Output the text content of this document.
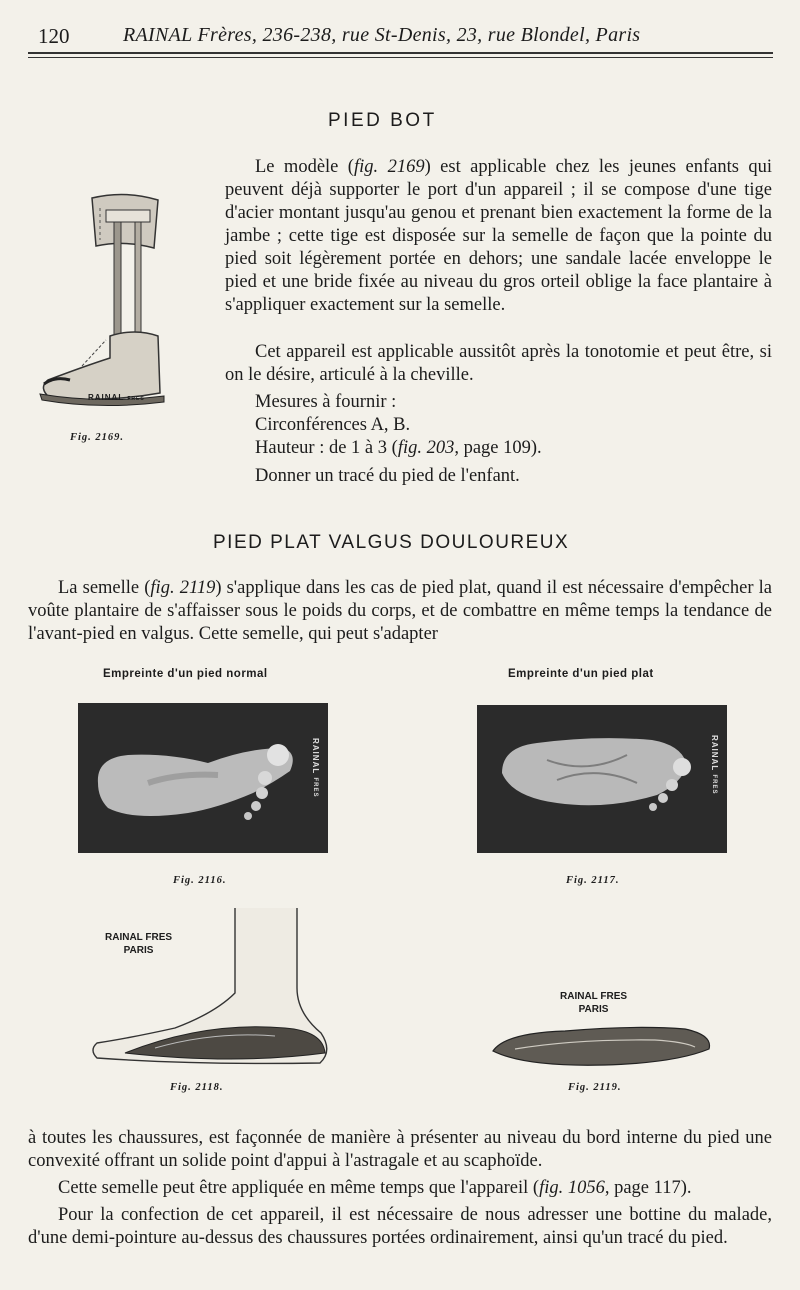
120	RAINAL Frères, 236-238, rue St-Denis, 23, rue Blondel, Paris
PIED BOT
RAINAL FRES
Fig. 2169.
Le modèle (fig. 2169) est applicable chez les jeunes enfants qui peuvent déjà supporter le port d'un appareil ; il se compose d'une tige d'acier montant jusqu'au genou et prenant bien exactement la forme de la jambe ; cette tige est disposée sur la semelle de façon que la pointe du pied soit légèrement portée en dehors; une sandale lacée enveloppe le pied et une bride fixée au niveau du gros orteil oblige la face plantaire à s'appliquer exactement sur la semelle.
Cet appareil est applicable aussitôt après la tonotomie et peut être, si on le désire, articulé à la cheville.
Mesures à fournir :
Circonférences A, B.
Hauteur : de 1 à 3 (fig. 203, page 109).
Donner un tracé du pied de l'enfant.
PIED PLAT VALGUS DOULOUREUX
La semelle (fig. 2119) s'applique dans les cas de pied plat, quand il est nécessaire d'empêcher la voûte plantaire de s'affaisser sous le poids du corps, et de combattre en même temps la tendance de l'avant-pied en valgus. Cette semelle, qui peut s'adapter
Empreinte d'un pied normal	Empreinte d'un pied plat
RAINAL FRES
Fig. 2116.
RAINAL FRES
Fig. 2117.
RAINAL FRES
PARIS
Fig. 2118.
RAINAL FRES
PARIS
Fig. 2119.
à toutes les chaussures, est façonnée de manière à présenter au niveau du bord interne du pied une convexité offrant un solide point d'appui à l'astragale et au scaphoïde.
Cette semelle peut être appliquée en même temps que l'appareil (fig. 1056, page 117).
Pour la confection de cet appareil, il est nécessaire de nous adresser une bottine du malade, d'une demi-pointure au-dessus des chaussures portées ordinairement, ainsi qu'un tracé du pied.
